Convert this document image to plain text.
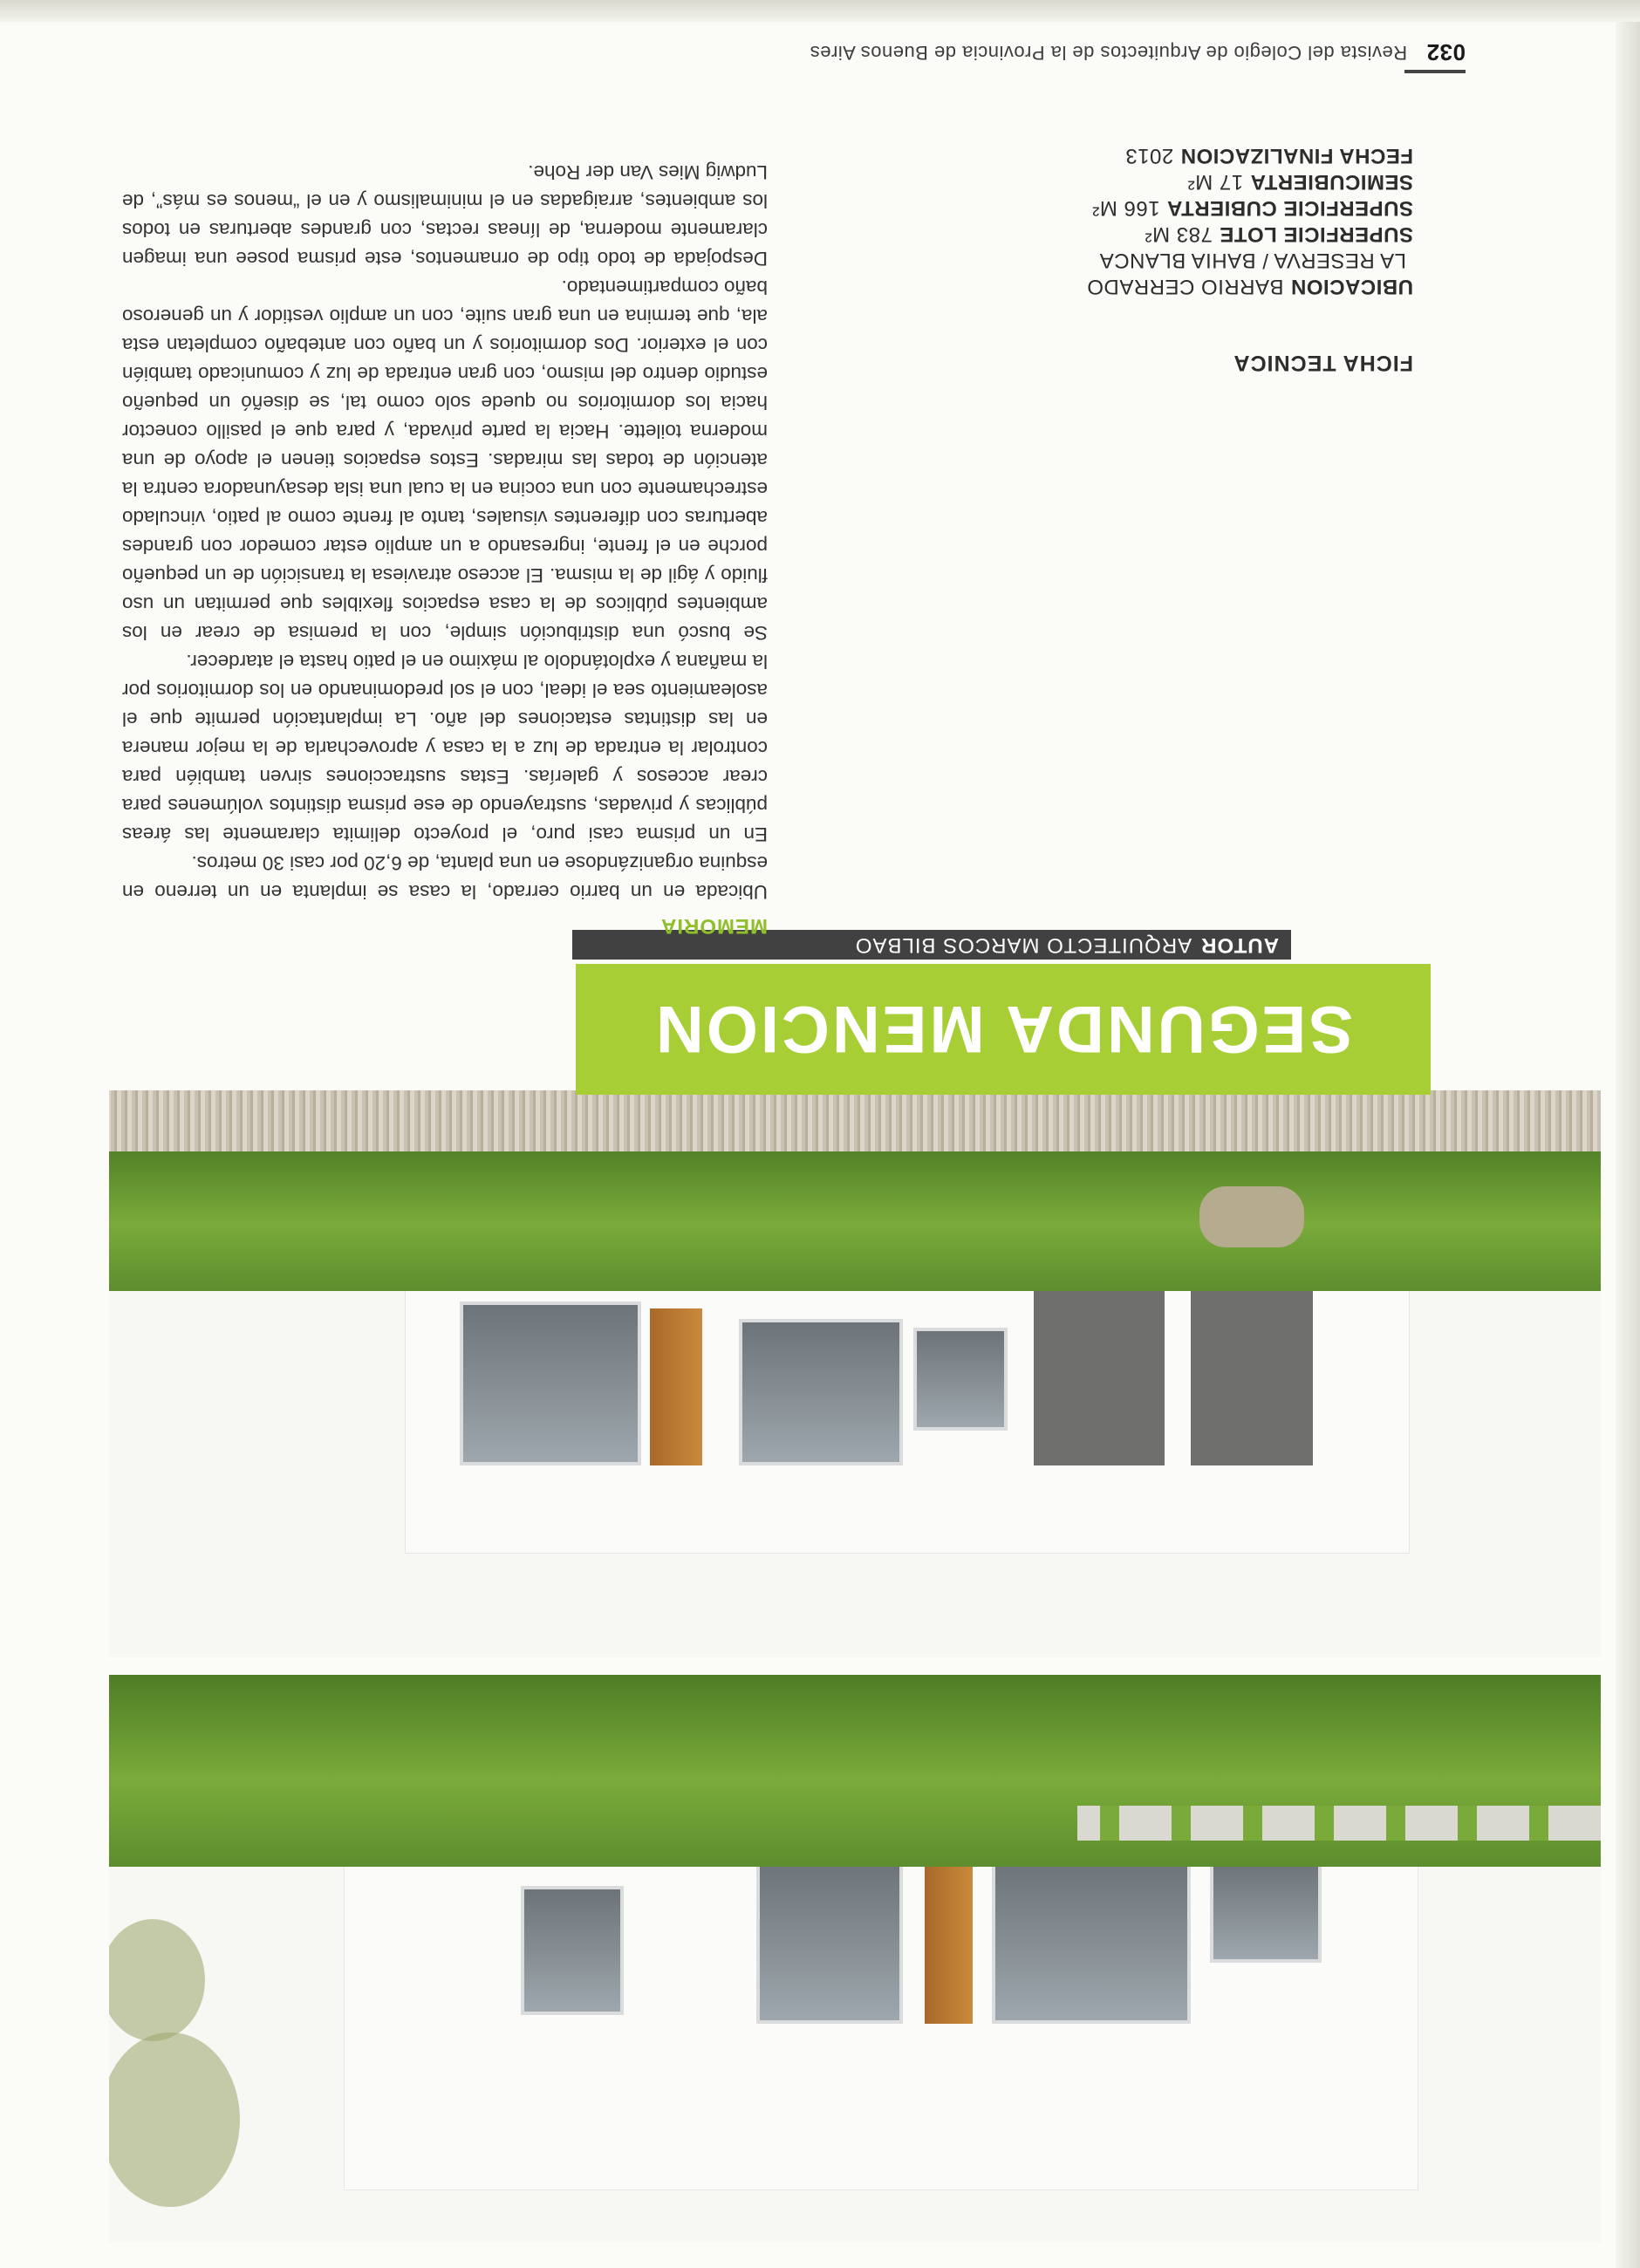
SEGUNDA MENCION
AUTOR
ARQUITECTO MARCOS BILBAO
MEMORIA

Ubicada en un barrio cerrado, la casa se implanta en un terreno en esquina organizándose en una planta, de 6,20 por casi 30 metros.

En un prisma casi puro, el proyecto delimita claramente las áreas públicas y privadas, sustrayendo de ese prisma distintos volúmenes para crear accesos y galerías. Estas sustracciones sirven también para controlar la entrada de luz a la casa y aprovecharla de la mejor manera en las distintas estaciones del año. La implantación permite que el asoleamiento sea el ideal, con el sol predominando en los dormitorios por la mañana y explotándolo al máximo en el patio hasta el atardecer.

Se buscó una distribución simple, con la premisa de crear en los ambientes públicos de la casa espacios flexibles que permitan un uso fluido y ágil de la misma. El acceso atraviesa la transición de un pequeño porche en el frente, ingresando a un amplio estar comedor con grandes aberturas con diferentes visuales, tanto al frente como al patio, vinculado estrechamente con una cocina en la cual una isla desayunadora centra la atención de todas las miradas. Estos espacios tienen el apoyo de una moderna toilette. Hacia la parte privada, y para que el pasillo conector hacia los dormitorios no quede solo como tal, se diseñó un pequeño estudio dentro del mismo, con gran entrada de luz y comunicado también con el exterior. Dos dormitorios y un baño con antebaño completan esta ala, que termina en una gran suite, con un amplio vestidor y un generoso baño compartimentado.

Despojada de todo tipo de ornamentos, este prisma posee una imagen claramente moderna, de líneas rectas, con grandes aberturas en todos los ambientes, arraigadas en el minimalismo y en el “menos es más”, de Ludwig Mies Van der Rohe.

FICHA TECNICA
UBICACIONBARRIO CERRADO
LA RESERVA / BAHIA BLANCA
SUPERFICIE LOTE783 M²
SUPERFICIE CUBIERTA166 M²
SEMICUBIERTA17 M²
FECHA FINALIZACION2013
032
Revista del Colegio de Arquitectos de la Provincia de Buenos Aires
